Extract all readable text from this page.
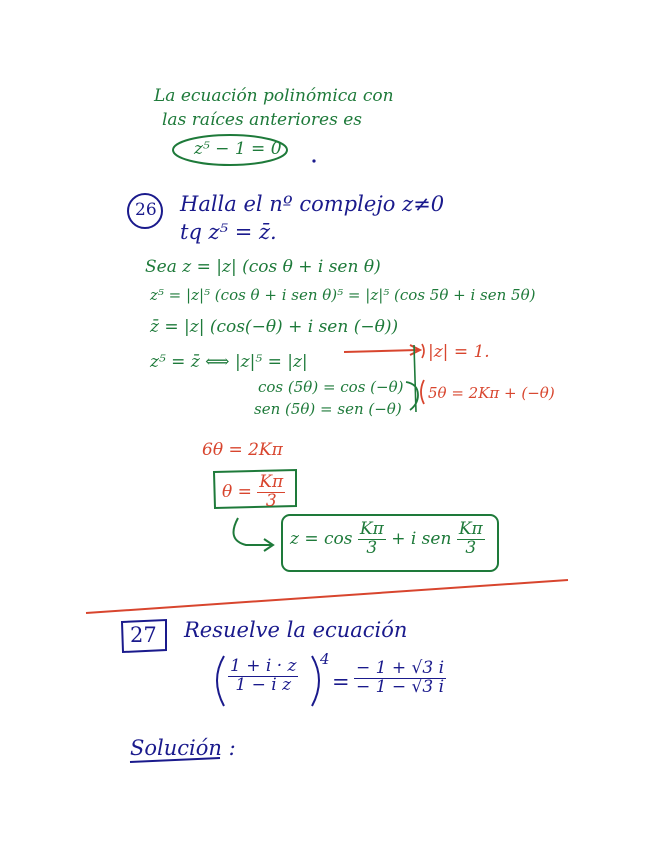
La ecuación polinómica con
las raíces anteriores es
z⁵ − 1 = 0
26 Halla el nº complejo z≠0
tq z⁵ = z̄.
Sea z = |z| (cos θ + i sen θ)
z⁵ = |z|⁵ (cos θ + i sen θ)⁵ = |z|⁵ (cos 5θ + i sen 5θ)
z̄ = |z| (cos(−θ) + i sen (−θ))
z⁵ = z̄ ⟺ |z|⁵ = |z|	|z| = 1.
cos (5θ) = cos (−θ)
sen (5θ) = sen (−θ)
5θ = 2Kπ + (−θ)
6θ = 2Kπ
$\theta = \frac{K\pi}{3}$
$z = \cos \frac{K\pi}{3} + i$ sen $\frac{K\pi}{3}$
27 Resuelve la ecuación
$\frac{1 + i \cdot z}{\text{1 − i z}} 4$
= $\frac{- 1 + √3 i}{- 1 - √3 i}$
Solución :
